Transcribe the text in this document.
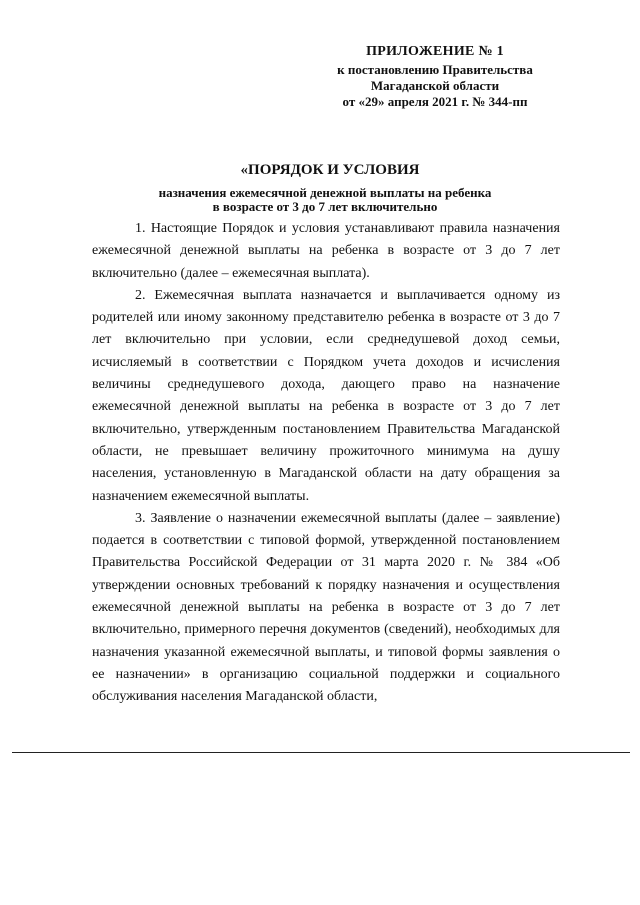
ПРИЛОЖЕНИЕ № 1
к постановлению Правительства
Магаданской области
от «29» апреля 2021 г. № 344-пп
«ПОРЯДОК И УСЛОВИЯ
назначения ежемесячной денежной выплаты на ребенка
в возрасте от 3 до 7 лет включительно

1. Настоящие Порядок и условия устанавливают правила назначения ежемесячной денежной выплаты на ребенка в возрасте от 3 до 7 лет включительно (далее – ежемесячная выплата).

2. Ежемесячная выплата назначается и выплачивается одному из родителей или иному законному представителю ребенка в возрасте от 3 до 7 лет включительно при условии, если среднедушевой доход семьи, исчисляемый в соответствии с Порядком учета доходов и исчисления величины среднедушевого дохода, дающего право на назначение ежемесячной денежной выплаты на ребенка в возрасте от 3 до 7 лет включительно, утвержденным постановлением Правительства Магаданской области, не превышает величину прожиточного минимума на душу населения, установленную в Магаданской области на дату обращения за назначением ежемесячной выплаты.

3. Заявление о назначении ежемесячной выплаты (далее – заявление) подается в соответствии с типовой формой, утвержденной постановлением Правительства Российской Федерации от 31 марта 2020 г. № 384 «Об утверждении основных требований к порядку назначения и осуществления ежемесячной денежной выплаты на ребенка в возрасте от 3 до 7 лет включительно, примерного перечня документов (сведений), необходимых для назначения указанной ежемесячной выплаты, и типовой формы заявления о ее назначении» в организацию социальной поддержки и социального обслуживания населения Магаданской области,
